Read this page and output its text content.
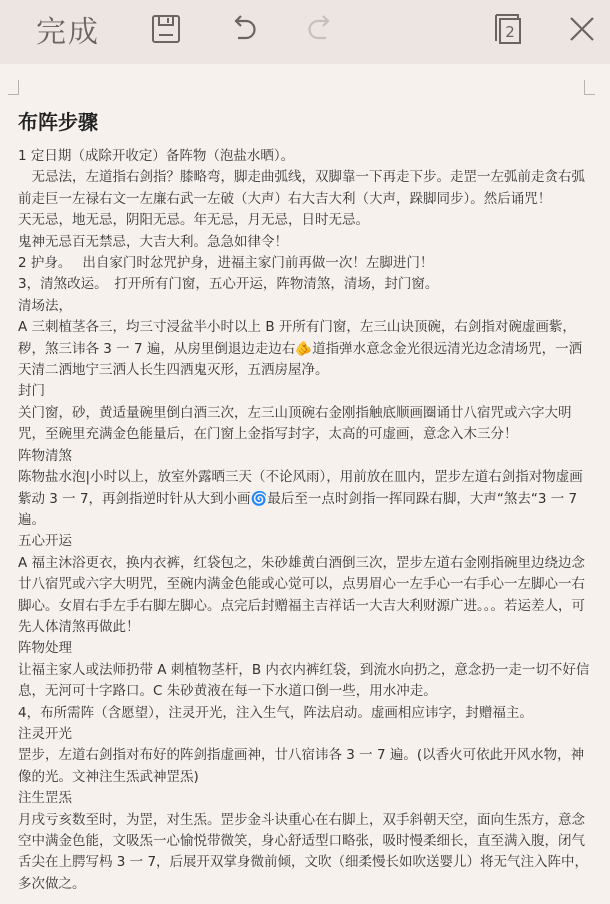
完成	2
布阵步骤

1 定日期（成除开收定）备阵物（泡盐水晒）。

　无忌法，左道指右剑指？膝略弯，脚走曲弧线，双脚靠一下再走下步。走罡一左弧前走贪右弧前走巨一左禄右文一左廉右武一左破（大声）右大吉大利（大声，跺脚同步）。然后诵咒！

天无忌，地无忌，阴阳无忌。年无忌，月无忌，日时无忌。

鬼神无忌百无禁忌，大吉大利。急急如律令！

2 护身。　 出自家门时忿咒护身，进福主家门前再做一次！左脚进门！

3，清煞改运。　打开所有门窗，五心开运，阵物清煞，清场，封门窗。

清场法，

A 三刺植茎各三，均三寸浸盆半小时以上 B 开所有门窗，左三山诀顶碗，右剑指对碗虚画紫，秽，煞三讳各 3 一 7 遍，从房里倒退边走边右🫵道指弹水意念金光很远清光边念清场咒，一洒天清二洒地宁三洒人长生四洒鬼灭形，五洒房屋净。

封门

关门窗，砂，黄适量碗里倒白酒三次，左三山顶碗右金刚指触底顺画圈诵廿八宿咒或六字大明咒，至碗里充满金色能量后，在门窗上金指写封字，太高的可虚画，意念入木三分！

阵物清煞

陈物盐水泡|小时以上，放室外露晒三天（不论风雨），用前放在皿内，罡步左道右剑指对物虚画紫动 3 一 7，再剑指逆时针从大到小画🌀最后至一点时剑指一挥同跺右脚，大声“煞去“3 一 7 遍。

五心开运

A 福主沐浴更衣，换内衣裤，红袋包之，朱砂雄黄白酒倒三次，罡步左道右金刚指碗里边绕边念廿八宿咒或六字大明咒，至碗内满金色能或心觉可以，点男眉心一左手心一右手心一左脚心一右脚心。女眉右手左手右脚左脚心。点完后封赠福主吉祥话一大吉大利财源广进。。。若运差人，可先人体清煞再做此！

阵物处理

让福主家人或法师扔带 A 刺植物茎杆，B 内衣内裤红袋，到流水向扔之，意念扔一走一切不好信息，无河可十字路口。C 朱砂黄液在每一下水道口倒一些，用水冲走。

4，布所需阵（含愿望），注灵开光，注入生气，阵法启动。虚画相应讳字，封赠福主。

注灵开光

罡步，左道右剑指对布好的阵剑指虚画神，廿八宿讳各 3 一 7 遍。(以香火可依此开风水物，神像的光。文神注生炁武神罡炁)

注生罡炁

月戌亏亥数至时，为罡，对生炁。罡步金斗诀重心在右脚上，双手斜朝天空，面向生炁方，意念空中满金色能，文吸炁一心愉悦带微笑，身心舒适型口略张，吸时慢柔细长，直至满入腹，闭气舌尖在上腭写杩 3 一 7，后展开双掌身微前倾，文吹（细柔慢长如吹送婴儿）将无气注入阵中，多次做之。
